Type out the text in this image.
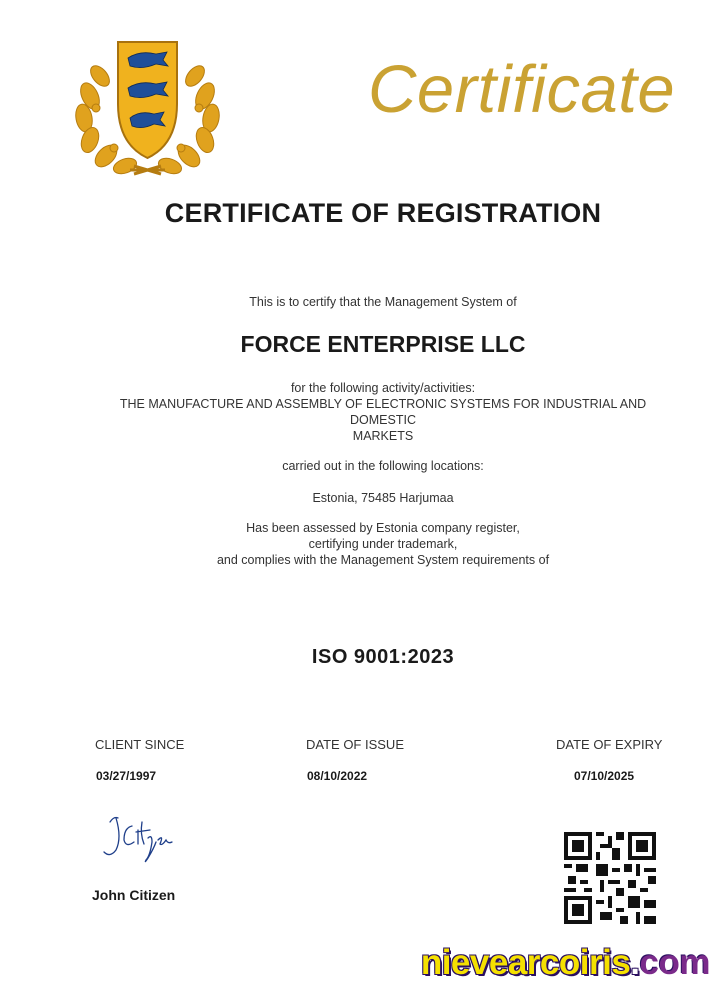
Certificate
CERTIFICATE OF REGISTRATION
This is to certify that the Management System of
FORCE ENTERPRISE LLC
for the following activity/activities:
THE MANUFACTURE AND ASSEMBLY OF ELECTRONIC SYSTEMS FOR INDUSTRIAL AND
DOMESTIC
MARKETS
carried out in the following locations:
Estonia, 75485 Harjumaa
Has been assessed by Estonia company register,
certifying under trademark,
and complies with the Management System requirements of
ISO 9001:2023
CLIENT SINCE
03/27/1997
DATE OF ISSUE
08/10/2022
DATE OF EXPIRY
07/10/2025
John Citizen
nievearcoiris.com
